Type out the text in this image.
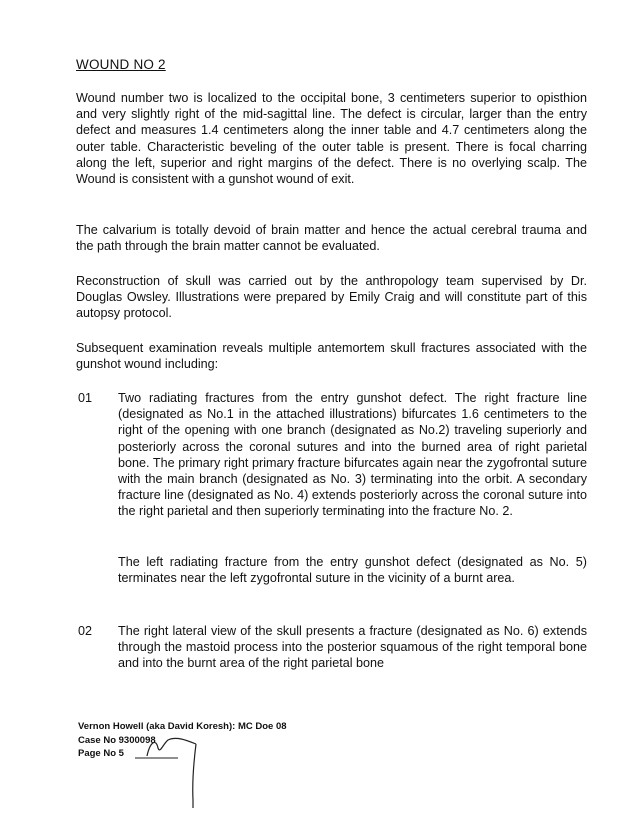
WOUND NO 2

Wound number two is localized to the occipital bone, 3 centimeters superior to opisthion and very slightly right of the mid-sagittal line. The defect is circular, larger than the entry defect and measures 1.4 centimeters along the inner table and 4.7 centimeters along the outer table. Characteristic beveling of the outer table is present. There is focal charring along the left, superior and right margins of the defect. There is no overlying scalp. The Wound is consistent with a gunshot wound of exit.

The calvarium is totally devoid of brain matter and hence the actual cerebral trauma and the path through the brain matter cannot be evaluated.

Reconstruction of skull was carried out by the anthropology team supervised by Dr. Douglas Owsley. Illustrations were prepared by Emily Craig and will constitute part of this autopsy protocol.

Subsequent examination reveals multiple antemortem skull fractures associated with the gunshot wound including:

01 Two radiating fractures from the entry gunshot defect. The right fracture line (designated as No.1 in the attached illustrations) bifurcates 1.6 centimeters to the right of the opening with one branch (designated as No.2) traveling superiorly and posteriorly across the coronal sutures and into the burned area of right parietal bone. The primary right primary fracture bifurcates again near the zygofrontal suture with the main branch (designated as No. 3) terminating into the orbit. A secondary fracture line (designated as No. 4) extends posteriorly across the coronal suture into the right parietal and then superiorly terminating into the fracture No. 2.

The left radiating fracture from the entry gunshot defect (designated as No. 5) terminates near the left zygofrontal suture in the vicinity of a burnt area.

02 The right lateral view of the skull presents a fracture (designated as No. 6) extends through the mastoid process into the posterior squamous of the right temporal bone and into the burnt area of the right parietal bone

Vernon Howell (aka David Koresh): MC Doe 08
Case No 9300098
Page No 5
